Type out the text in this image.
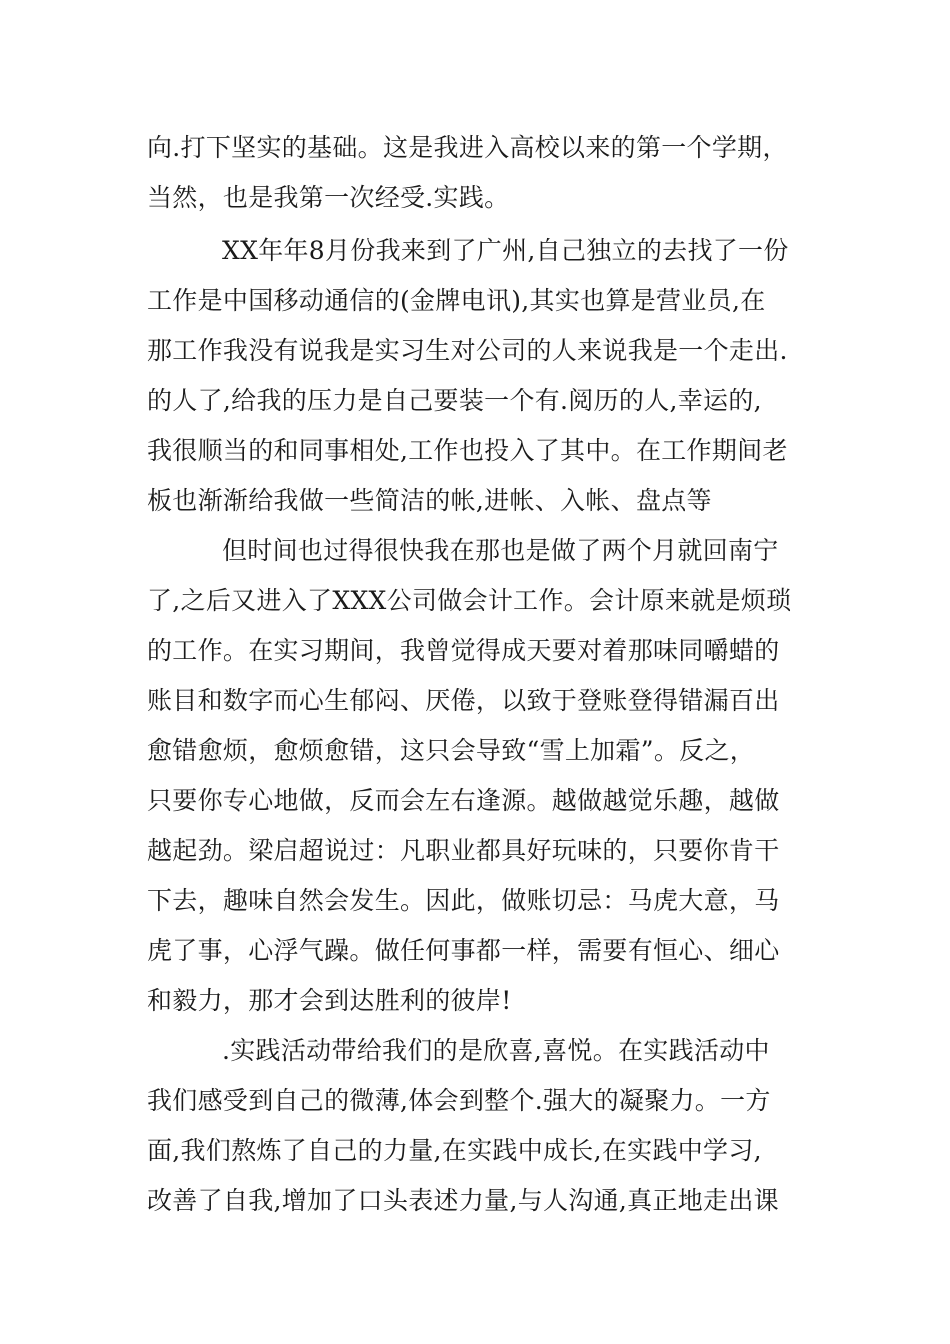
向.打下坚实的基础。这是我进入高校以来的第一个学期，
当然，也是我第一次经受.实践。
XX年年8月份我来到了广州,自己独立的去找了一份
工作是中国移动通信的(金牌电讯),其实也算是营业员,在
那工作我没有说我是实习生对公司的人来说我是一个走出.
的人了,给我的压力是自己要装一个有.阅历的人,幸运的,
我很顺当的和同事相处,工作也投入了其中。在工作期间老
板也渐渐给我做一些简洁的帐,进帐、入帐、盘点等
但时间也过得很快我在那也是做了两个月就回南宁
了,之后又进入了XXX公司做会计工作。会计原来就是烦琐
的工作。在实习期间，我曾觉得成天要对着那味同嚼蜡的
账目和数字而心生郁闷、厌倦，以致于登账登得错漏百出
愈错愈烦，愈烦愈错，这只会导致“雪上加霜”。反之，
只要你专心地做，反而会左右逢源。越做越觉乐趣，越做
越起劲。梁启超说过：凡职业都具好玩味的，只要你肯干
下去，趣味自然会发生。因此，做账切忌：马虎大意，马
虎了事，心浮气躁。做任何事都一样，需要有恒心、细心
和毅力，那才会到达胜利的彼岸!
.实践活动带给我们的是欣喜,喜悦。在实践活动中
我们感受到自己的微薄,体会到整个.强大的凝聚力。一方
面,我们熬炼了自己的力量,在实践中成长,在实践中学习,
改善了自我,增加了口头表述力量,与人沟通,真正地走出课
